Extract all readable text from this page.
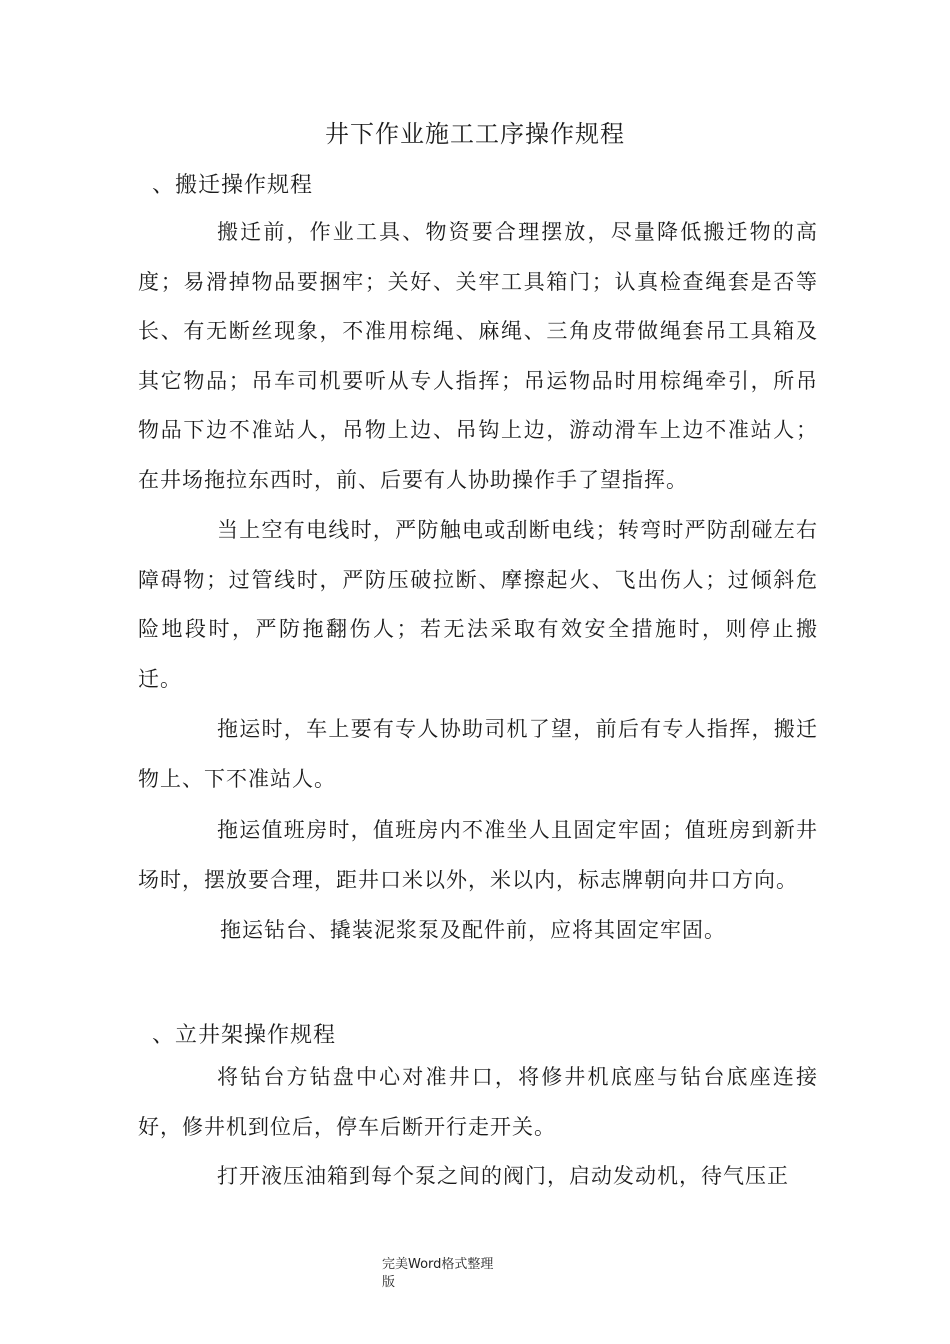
井下作业施工工序操作规程
、搬迁操作规程

搬迁前，作业工具、物资要合理摆放，尽量降低搬迁物的高度；易滑掉物品要捆牢；关好、关牢工具箱门；认真检查绳套是否等长、有无断丝现象，不准用棕绳、麻绳、三角皮带做绳套吊工具箱及其它物品；吊车司机要听从专人指挥；吊运物品时用棕绳牵引，所吊物品下边不准站人，吊物上边、吊钩上边，游动滑车上边不准站人；在井场拖拉东西时，前、后要有人协助操作手了望指挥。

当上空有电线时，严防触电或刮断电线；转弯时严防刮碰左右障碍物；过管线时，严防压破拉断、摩擦起火、飞出伤人；过倾斜危险地段时，严防拖翻伤人；若无法采取有效安全措施时，则停止搬迁。

拖运时，车上要有专人协助司机了望，前后有专人指挥，搬迁物上、下不准站人。

拖运值班房时，值班房内不准坐人且固定牢固；值班房到新井场时，摆放要合理，距井口米以外，米以内，标志牌朝向井口方向。

拖运钻台、撬装泥浆泵及配件前，应将其固定牢固。

、立井架操作规程

将钻台方钻盘中心对准井口，将修井机底座与钻台底座连接好，修井机到位后，停车后断开行走开关。

打开液压油箱到每个泵之间的阀门，启动发动机，待气压正

完美Word格式整理
版
